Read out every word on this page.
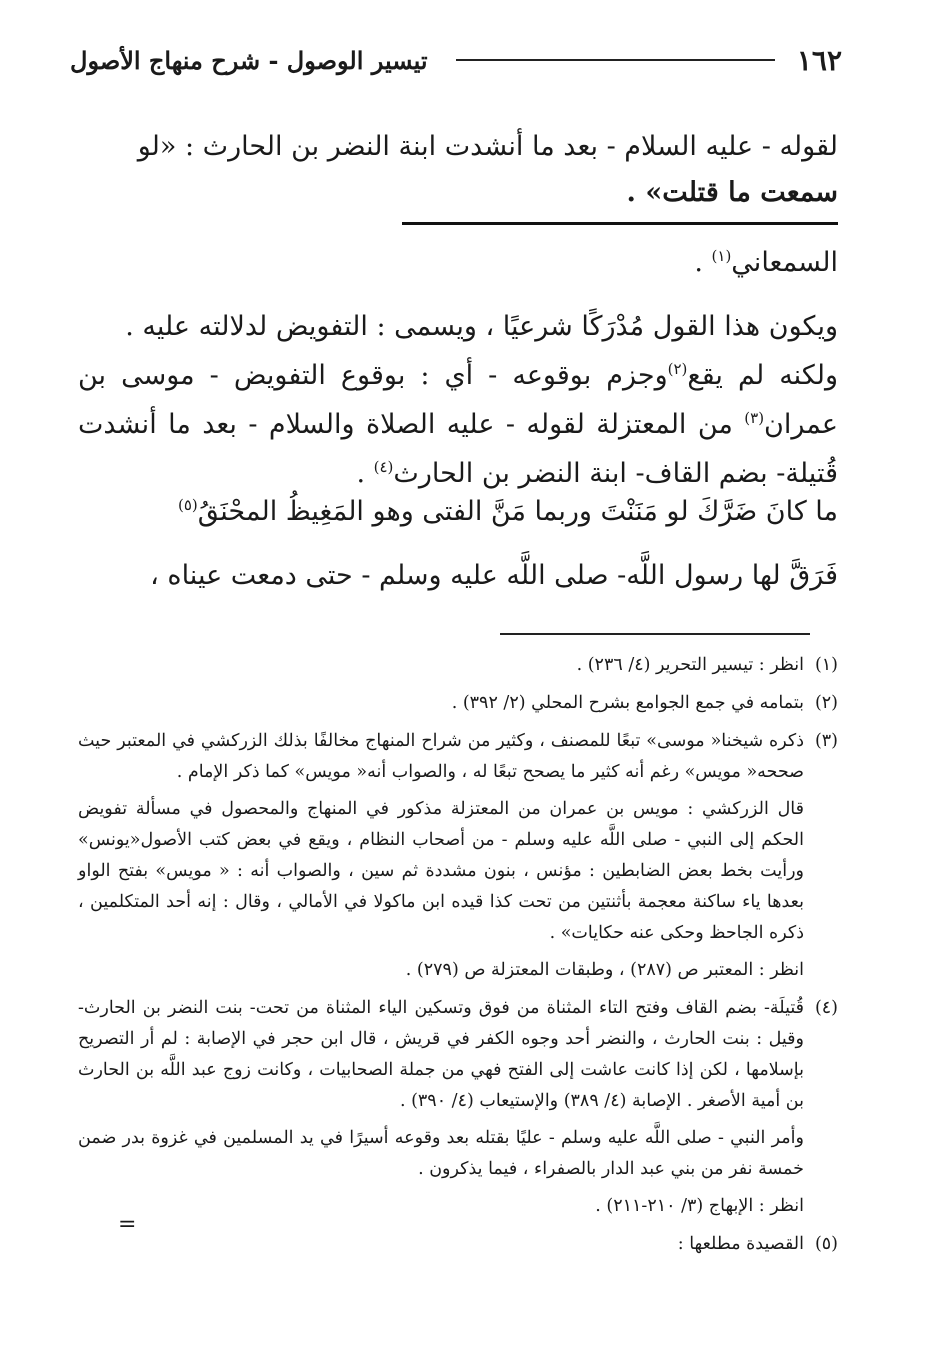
١٦٢
تيسير الوصول - شرح منهاج الأصول
لقوله - عليه السلام - بعد ما أنشدت ابنة النضر بن الحارث : «لو
سمعت ما قتلت» .
السمعاني$^{(١)}$ .
ويكون هذا القول مُدْرَكًا شرعيًا ، ويسمى : التفويض لدلالته عليه .
ولكنه لم يقع$^{(٢)}$وجزم بوقوعه - أي : بوقوع التفويض - موسى بن عمران$^{(٣)}$ من المعتزلة لقوله - عليه الصلاة والسلام - بعد ما أنشدت قُتيلة- بضم القاف- ابنة النضر بن الحارث$^{(٤)}$ .
ما كانَ ضَرَّكَ لو مَنَنْتَ وربما مَنَّ الفتى وهو المَغِيظُ المحْنَقُ$^{(٥)}$
فَرَقَّ لها رسول اللَّه- صلى اللَّه عليه وسلم - حتى دمعت عيناه ،
(١)

انظر : تيسير التحرير (٤/ ٢٣٦) .

(٢)

بتمامه في جمع الجوامع بشرح المحلي (٢/ ٣٩٢) .

(٣)

ذكره شيخنا« موسى» تبعًا للمصنف ، وكثير من شراح المنهاج مخالفًا بذلك الزركشي في المعتبر حيث صححه« مويس» رغم أنه كثير ما يصحح تبعًا له ، والصواب أنه« مويس» كما ذكر الإمام .

قال الزركشي : مويس بن عمران من المعتزلة مذكور في المنهاج والمحصول في مسألة تفويض الحكم إلى النبي - صلى اللَّه عليه وسلم - من أصحاب النظام ، ويقع في بعض كتب الأصول«يونس» ورأيت بخط بعض الضابطين : مؤنس ، بنون مشددة ثم سين ، والصواب أنه : « مويس» بفتح الواو بعدها ياء ساكنة معجمة بأثنتين من تحت كذا قيده ابن ماكولا في الأمالي ، وقال : إنه أحد المتكلمين ، ذكره الجاحظ وحكى عنه حكايات» .

انظر : المعتبر ص (٢٨٧) ، وطبقات المعتزلة ص (٢٧٩) .

(٤)

قُتيلَة- بضم القاف وفتح التاء المثناة من فوق وتسكين الياء المثناة من تحت- بنت النضر بن الحارث- وقيل : بنت الحارث ، والنضر أحد وجوه الكفر في قريش ، قال ابن حجر في الإصابة : لم أر التصريح بإسلامها ، لكن إذا كانت عاشت إلى الفتح فهي من جملة الصحابيات ، وكانت زوج عبد اللَّه بن الحارث بن أمية الأصغر . الإصابة (٤/ ٣٨٩) والإستيعاب (٤/ ٣٩٠) .

وأمر النبي - صلى اللَّه عليه وسلم - عليًا بقتله بعد وقوعه أسيرًا في يد المسلمين في غزوة بدر ضمن خمسة نفر من بني عبد الدار بالصفراء ، فيما يذكرون .

انظر : الإبهاج (٣/ ٢١٠-٢١١) .

(٥)

القصيدة مطلعها :

=
